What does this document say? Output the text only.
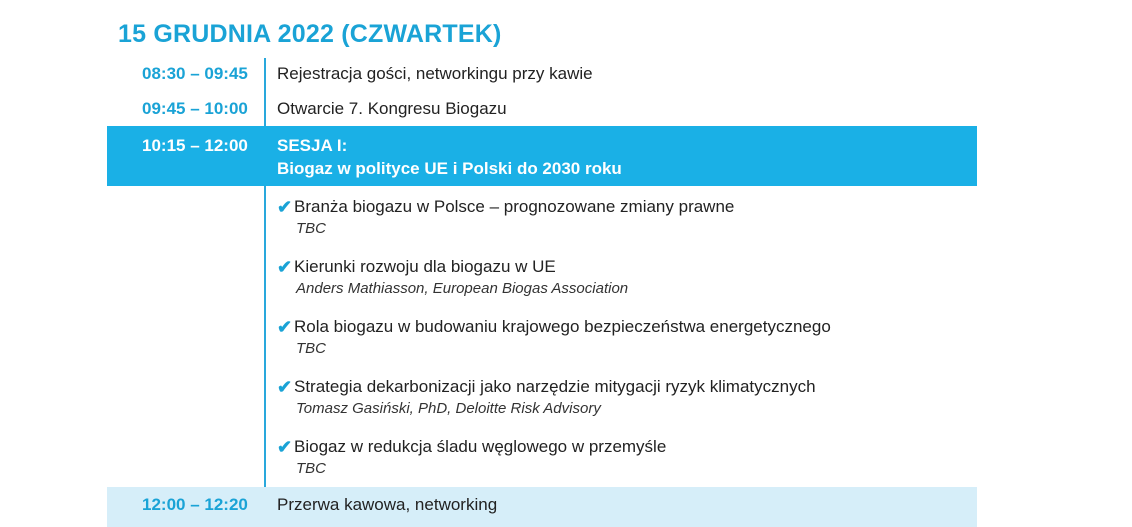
15 GRUDNIA 2022 (CZWARTEK)
08:30 – 09:45 Rejestracja gości, networkingu przy kawie
09:45 – 10:00 Otwarcie 7. Kongresu Biogazu
10:15 – 12:00 SESJA I:
Biogaz w polityce UE i Polski do 2030 roku
✔ Branża biogazu w Polsce – prognozowane zmiany prawne
TBC
✔ Kierunki rozwoju dla biogazu w UE
Anders Mathiasson, European Biogas Association
✔ Rola biogazu w budowaniu krajowego bezpieczeństwa energetycznego
TBC
✔ Strategia dekarbonizacji jako narzędzie mitygacji ryzyk klimatycznych
Tomasz Gasiński, PhD, Deloitte Risk Advisory
✔ Biogaz w redukcja śladu węglowego w przemyśle
TBC
12:00 – 12:20 Przerwa kawowa, networking
